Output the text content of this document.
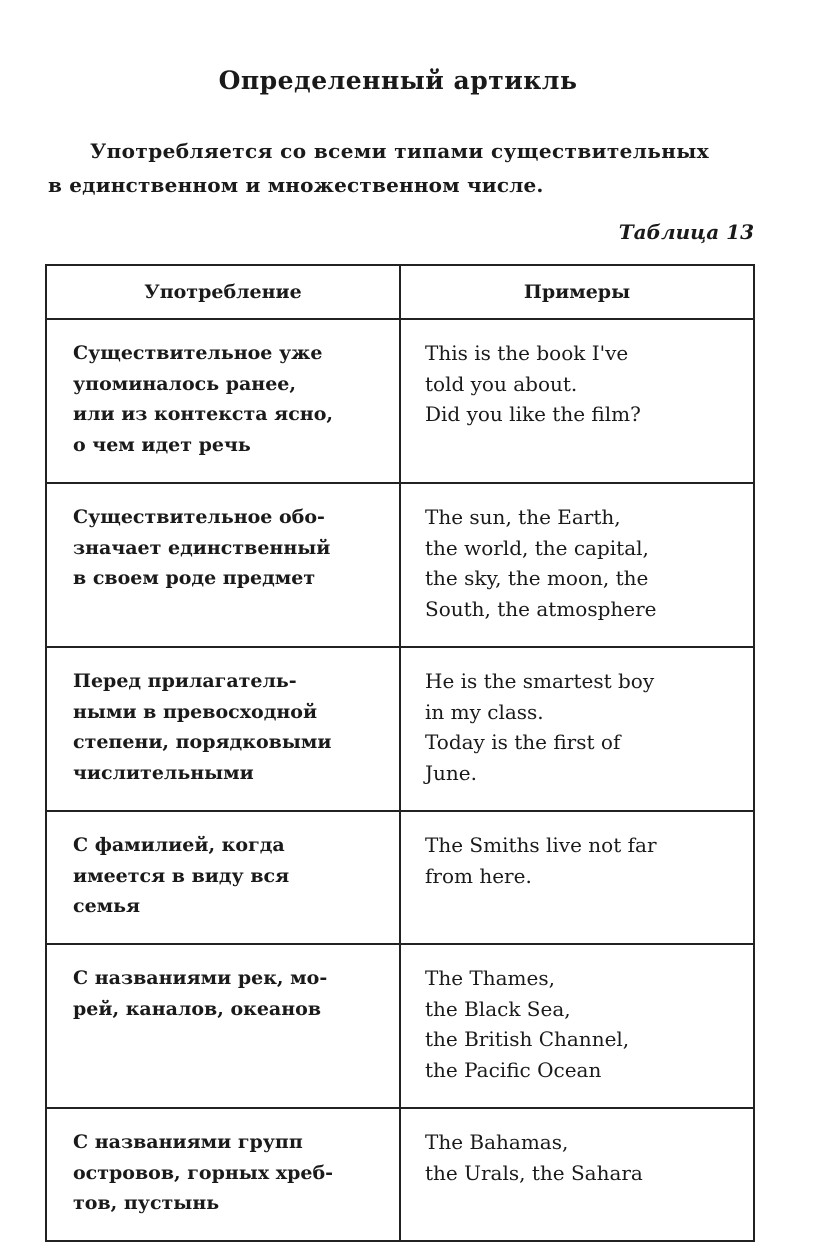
Определенный артикль
Употребляется со всеми типами существительных
в единственном и множественном числе.
Таблица 13
Употребление	Примеры

Существительное уже
упоминалось ранее,
или из контекста ясно,
о чем идет речь	This is the book I've
told you about.
Did you like the film?

Существительное обо-
значает единственный
в своем роде предмет	The sun, the Earth,
the world, the capital,
the sky, the moon, the
South, the atmosphere

Перед прилагатель-
ными в превосходной
степени, порядковыми
числительными	He is the smartest boy
in my class.
Today is the first of
June.

С фамилией, когда
имеется в виду вся
семья	The Smiths live not far
from here.

С названиями рек, мо-
рей, каналов, океанов	The Thames,
the Black Sea,
the British Channel,
the Pacific Ocean

С названиями групп
островов, горных хреб-
тов, пустынь	The Bahamas,
the Urals, the Sahara
